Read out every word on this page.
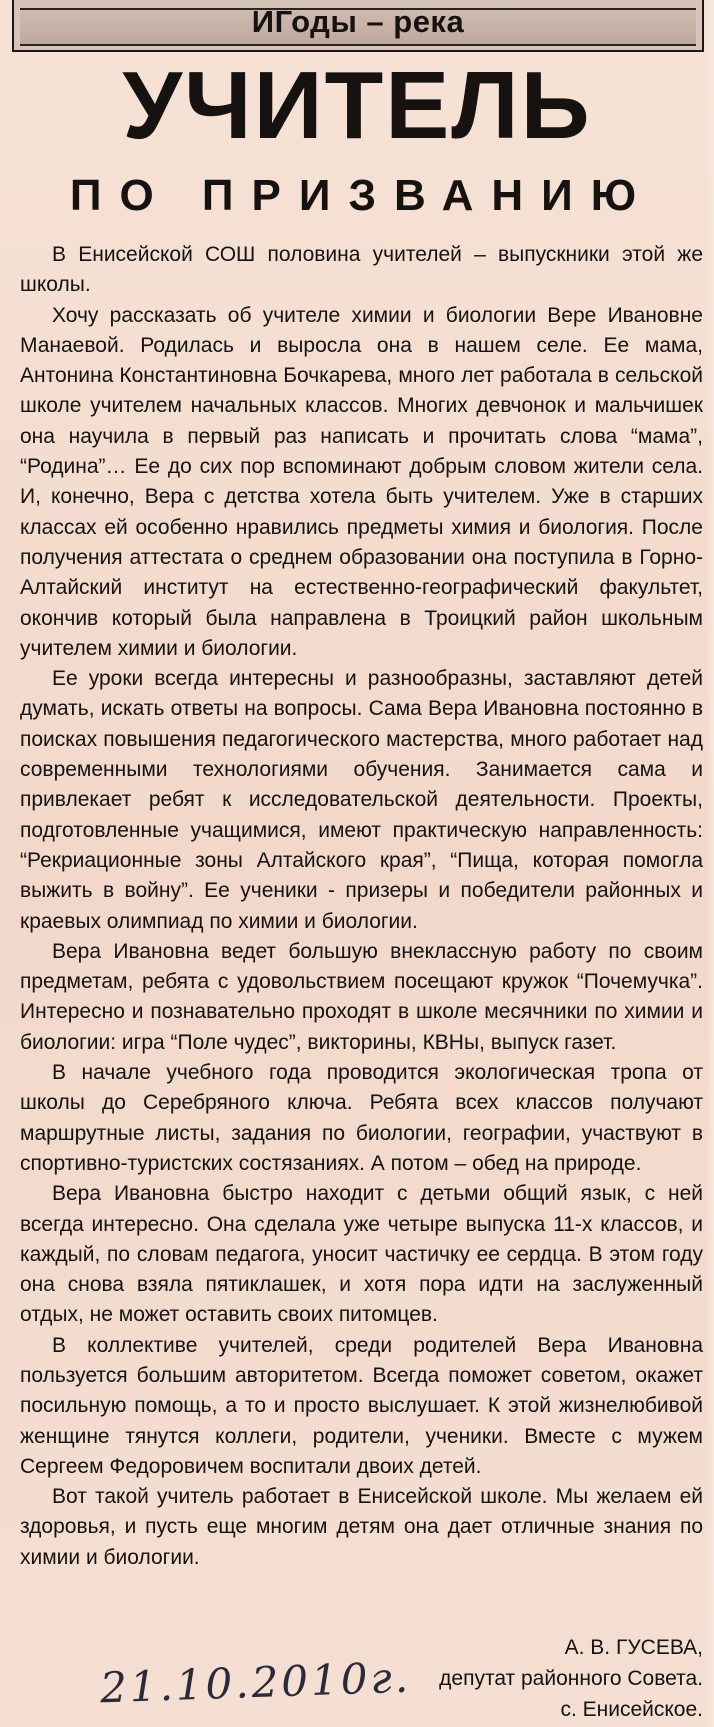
ИГоды – река
УЧИТЕЛЬ
ПО ПРИЗВАНИЮ

В Енисейской СОШ половина учителей – выпускники этой же школы.

Хочу рассказать об учителе химии и биологии Вере Ивановне Манаевой. Родилась и выросла она в нашем селе. Ее мама, Антонина Константиновна Бочкарева, много лет работала в сельской школе учителем начальных классов. Многих девчонок и мальчишек она научила в первый раз написать и прочитать слова “мама”, “Родина”… Ее до сих пор вспоминают добрым словом жители села. И, конечно, Вера с детства хотела быть учителем. Уже в старших классах ей особенно нравились предметы химия и биология. После получения аттестата о среднем образовании она поступила в Горно-Алтайский институт на естественно-географический факультет, окончив который была направлена в Троицкий район школьным учителем химии и биологии.

Ее уроки всегда интересны и разнообразны, заставляют детей думать, искать ответы на вопросы. Сама Вера Ивановна постоянно в поисках повышения педагогического мастерства, много работает над современными технологиями обучения. Занимается сама и привлекает ребят к исследовательской деятельности. Проекты, подготовленные учащимися, имеют практическую направленность: “Рекриационные зоны Алтайского края”, “Пища, которая помогла выжить в войну”. Ее ученики - призеры и победители районных и краевых олимпиад по химии и биологии.

Вера Ивановна ведет большую внеклассную работу по своим предметам, ребята с удовольствием посещают кружок “Почемучка”. Интересно и познавательно проходят в школе месячники по химии и биологии: игра “Поле чудес”, викторины, КВНы, выпуск газет.

В начале учебного года проводится экологическая тропа от школы до Серебряного ключа. Ребята всех классов получают маршрутные листы, задания по биологии, географии, участвуют в спортивно-туристских состязаниях. А потом – обед на природе.

Вера Ивановна быстро находит с детьми общий язык, с ней всегда интересно. Она сделала уже четыре выпуска 11-х классов, и каждый, по словам педагога, уносит частичку ее сердца. В этом году она снова взяла пятиклашек, и хотя пора идти на заслуженный отдых, не может оставить своих питомцев.

В коллективе учителей, среди родителей Вера Ивановна пользуется большим авторитетом. Всегда поможет советом, окажет посильную помощь, а то и просто выслушает. К этой жизнелюбивой женщине тянутся коллеги, родители, ученики. Вместе с мужем Сергеем Федоровичем воспитали двоих детей.

Вот такой учитель работает в Енисейской школе. Мы желаем ей здоровья, и пусть еще многим детям она дает отличные знания по химии и биологии.

А. В. ГУСЕВА,
депутат районного Совета.
с. Енисейское.
21.10.2010г.
